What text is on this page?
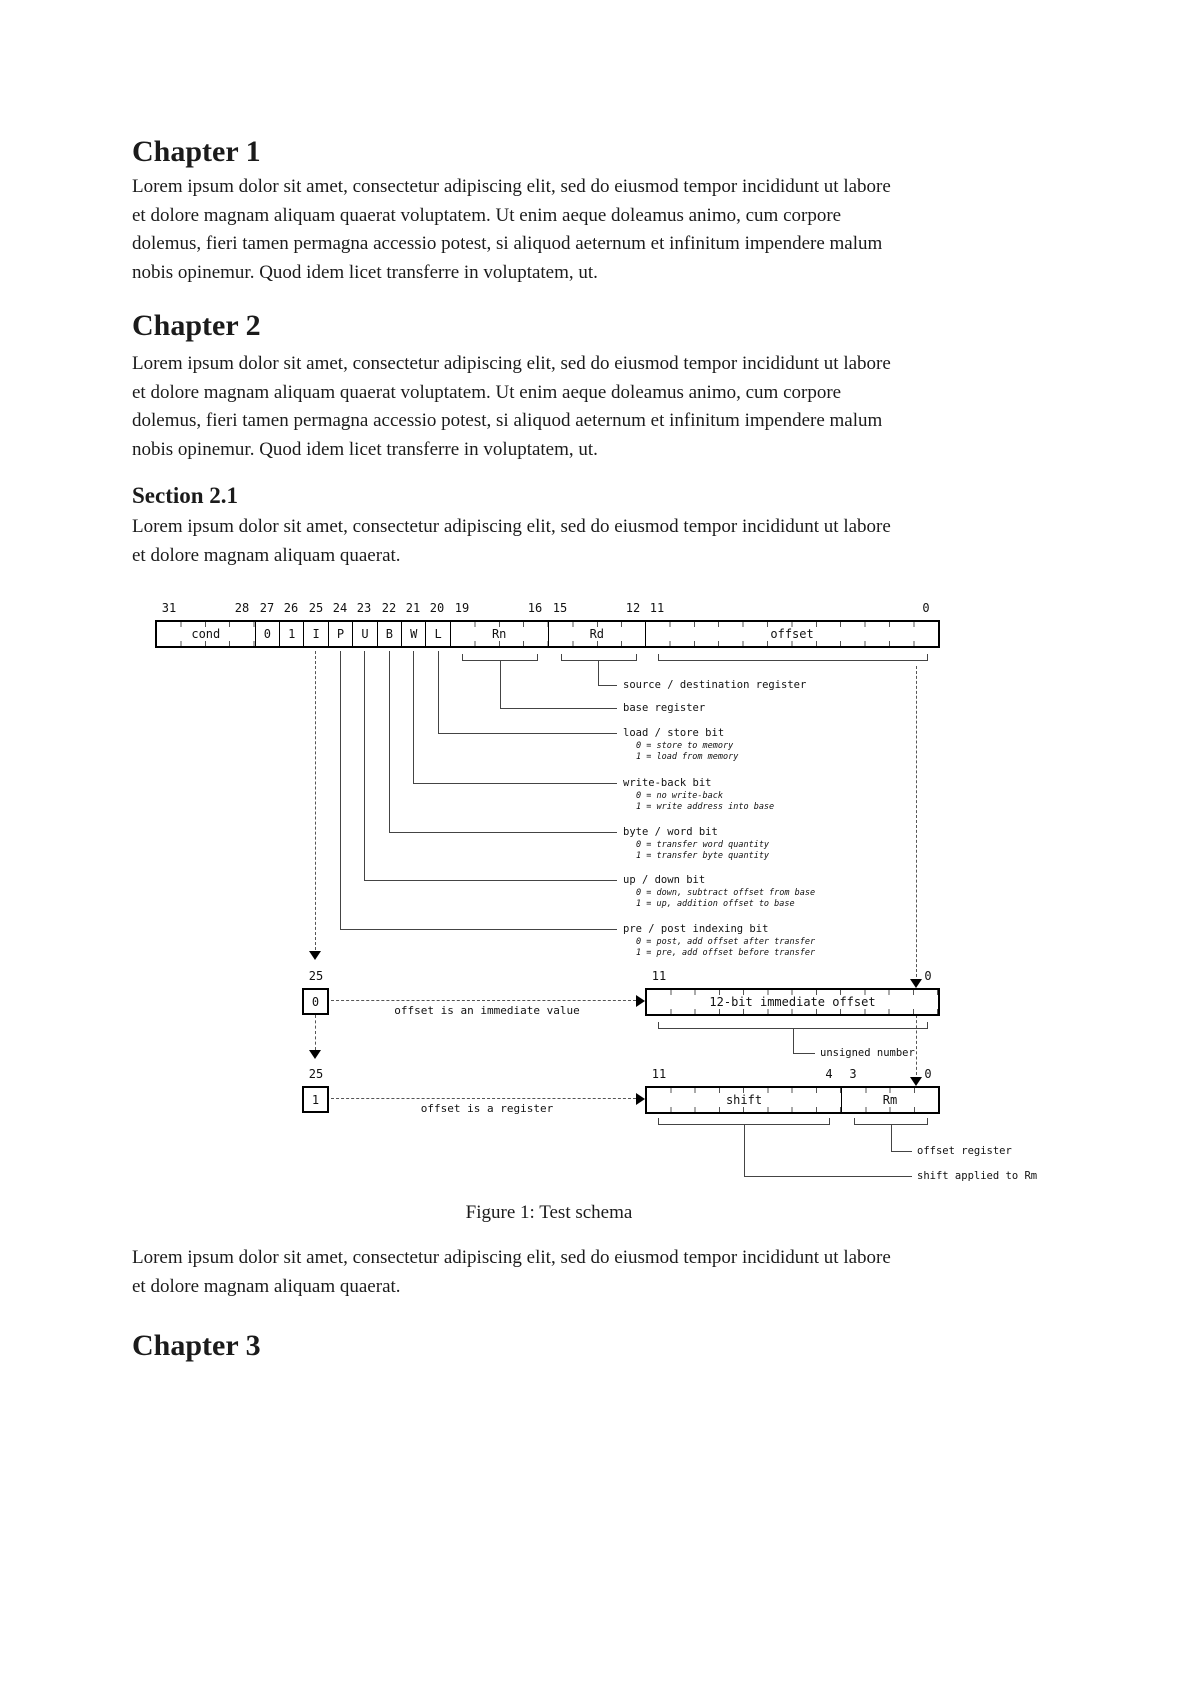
Chapter 1
Lorem ipsum dolor sit amet, consectetur adipiscing elit, sed do eiusmod tempor incididunt ut labore
et dolore magnam aliquam quaerat voluptatem. Ut enim aeque doleamus animo, cum corpore
dolemus, fieri tamen permagna accessio potest, si aliquod aeternum et infinitum impendere malum
nobis opinemur. Quod idem licet transferre in voluptatem, ut.
Chapter 2
Lorem ipsum dolor sit amet, consectetur adipiscing elit, sed do eiusmod tempor incididunt ut labore
et dolore magnam aliquam quaerat voluptatem. Ut enim aeque doleamus animo, cum corpore
dolemus, fieri tamen permagna accessio potest, si aliquod aeternum et infinitum impendere malum
nobis opinemur. Quod idem licet transferre in voluptatem, ut.
Section 2.1
Lorem ipsum dolor sit amet, consectetur adipiscing elit, sed do eiusmod tempor incididunt ut labore
et dolore magnam aliquam quaerat.
31	28 27 26 25 24 23 22 21 20 19	16 15	12 11	0
cond	0	1	I	P	U	B	W	L	Rn	Rd	offset
source / destination register
base register
load / store bit
0 = store to memory
1 = load from memory
write-back bit
0 = no write-back
1 = write address into base
byte / word bit
0 = transfer word quantity
1 = transfer byte quantity
up / down bit
0 = down, subtract offset from base
1 = up, addition offset to base
pre / post indexing bit
0 = post, add offset after transfer
1 = pre, add offset before transfer
25	11	0
0
offset is an immediate value
12-bit immediate offset
unsigned number
25	11	4 3	0
1
offset is a register
shift	Rm
offset register
shift applied to Rm
Figure 1: Test schema
Lorem ipsum dolor sit amet, consectetur adipiscing elit, sed do eiusmod tempor incididunt ut labore
et dolore magnam aliquam quaerat.
Chapter 3
